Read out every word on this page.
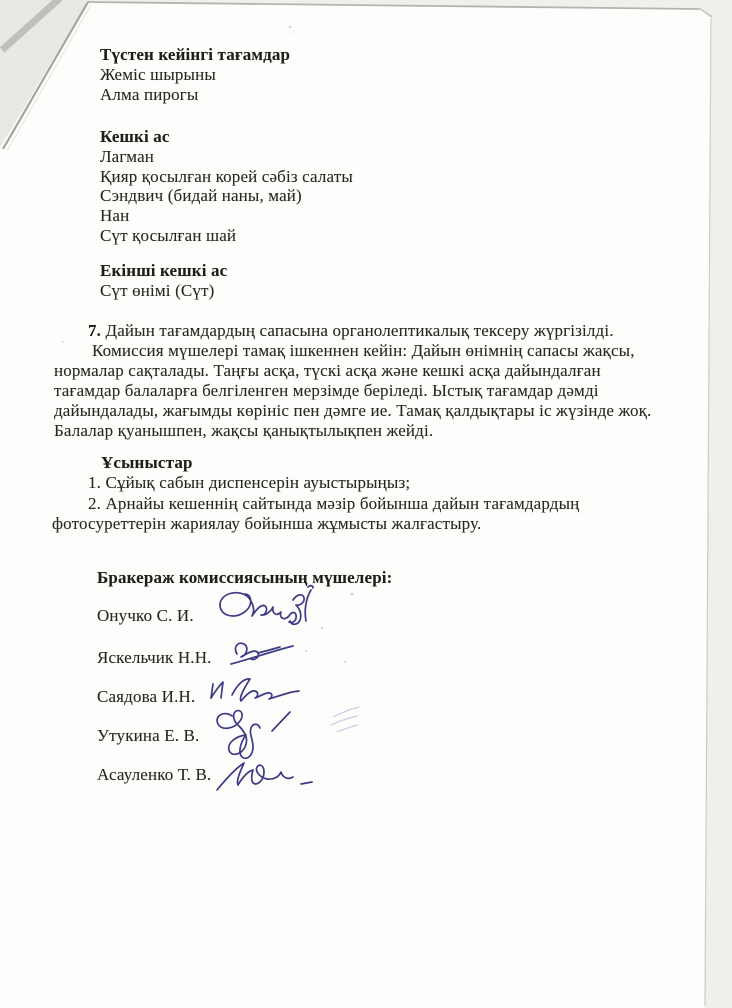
Түстен кейінгі тағамдар
Жеміс шырыны
Алма пирогы
Кешкі ас
Лагман
Қияр қосылған корей сәбіз салаты
Сэндвич (бидай наны, май)
Нан
Сүт қосылған шай
Екінші кешкі ас
Сүт өнімі (Сүт)
7. Дайын тағамдардың сапасына органолептикалық тексеру жүргізілді.
Комиссия мүшелері тамақ ішкеннен кейін: Дайын өнімнің сапасы жақсы,
нормалар сақталады. Таңғы асқа, түскі асқа және кешкі асқа дайындалған
тағамдар балаларға белгіленген мерзімде беріледі. Ыстық тағамдар дәмді
дайындалады, жағымды көрініс пен дәмге ие. Тамақ қалдықтары іс жүзінде жоқ.
Балалар қуанышпен, жақсы қанықтылықпен жейді.
Ұсыныстар
1. Сұйық сабын диспенсерін ауыстырыңыз;
2. Арнайы кешеннің сайтында мәзір бойынша дайын тағамдардың
фотосуреттерін жариялау бойынша жұмысты жалғастыру.
Бракераж комиссиясының мүшелері:
Онучко С. И.
Яскельчик Н.Н.
Саядова И.Н.
Утукина Е. В.
Асауленко Т. В.
